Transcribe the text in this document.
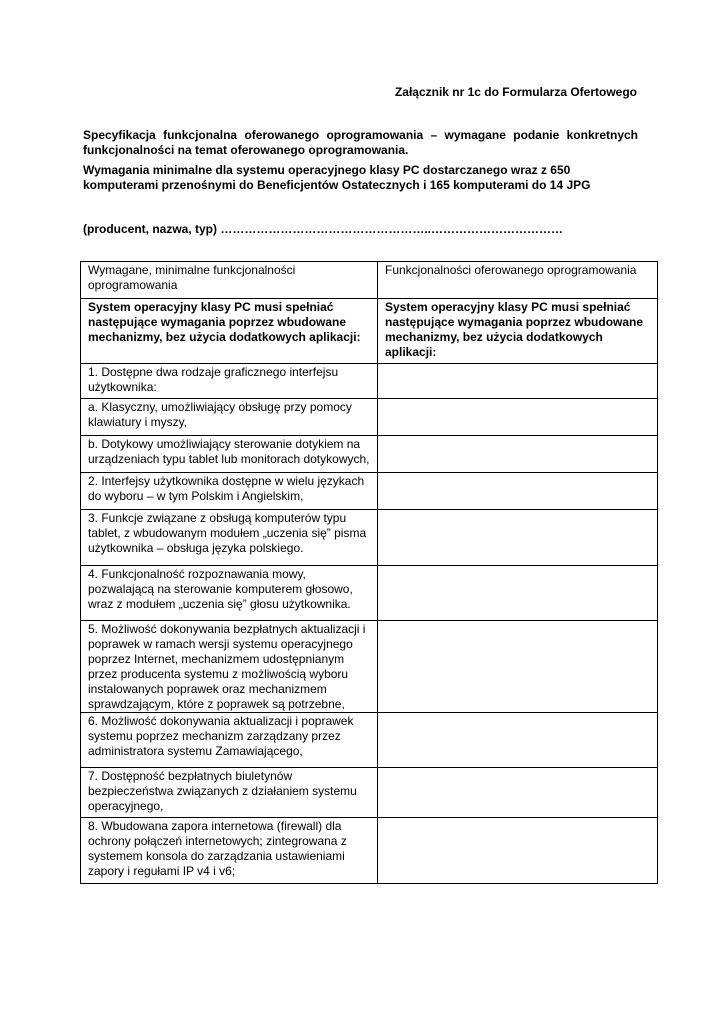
Załącznik nr 1c do Formularza Ofertowego
Specyfikacja funkcjonalna oferowanego oprogramowania – wymagane podanie konkretnych funkcjonalności na temat oferowanego oprogramowania.
Wymagania minimalne dla systemu operacyjnego klasy PC dostarczanego wraz z 650 komputerami przenośnymi do Beneficjentów Ostatecznych i 165 komputerami do 14 JPG
(producent, nazwa, typ) ……………………………………………..……………………………
Wymagane, minimalne funkcjonalności oprogramowania	Funkcjonalności oferowanego oprogramowania
System operacyjny klasy PC musi spełniać następujące wymagania poprzez wbudowane mechanizmy, bez użycia dodatkowych aplikacji:	System operacyjny klasy PC musi spełniać następujące wymagania poprzez wbudowane mechanizmy, bez użycia dodatkowych aplikacji:
1. Dostępne dwa rodzaje graficznego interfejsu użytkownika:	
a. Klasyczny, umożliwiający obsługę przy pomocy klawiatury i myszy,	
b. Dotykowy umożliwiający sterowanie dotykiem na urządzeniach typu tablet lub monitorach dotykowych,	
2. Interfejsy użytkownika dostępne w wielu językach do wyboru – w tym Polskim i Angielskim,	
3. Funkcje związane z obsługą komputerów typu tablet, z wbudowanym modułem „uczenia się” pisma użytkownika – obsługa języka polskiego.	
4. Funkcjonalność rozpoznawania mowy, pozwalającą na sterowanie komputerem głosowo, wraz z modułem „uczenia się” głosu użytkownika.	
5. Możliwość dokonywania bezpłatnych aktualizacji i poprawek w ramach wersji systemu operacyjnego poprzez Internet, mechanizmem udostępnianym przez producenta systemu z możliwością wyboru instalowanych poprawek oraz mechanizmem sprawdzającym, które z poprawek są potrzebne,	
6. Możliwość dokonywania aktualizacji i poprawek systemu poprzez mechanizm zarządzany przez administratora systemu Zamawiającego,	
7. Dostępność bezpłatnych biuletynów bezpieczeństwa związanych z działaniem systemu operacyjnego,	
8. Wbudowana zapora internetowa (firewall) dla ochrony połączeń internetowych; zintegrowana z systemem konsola do zarządzania ustawieniami zapory i regułami IP v4 i v6;	
